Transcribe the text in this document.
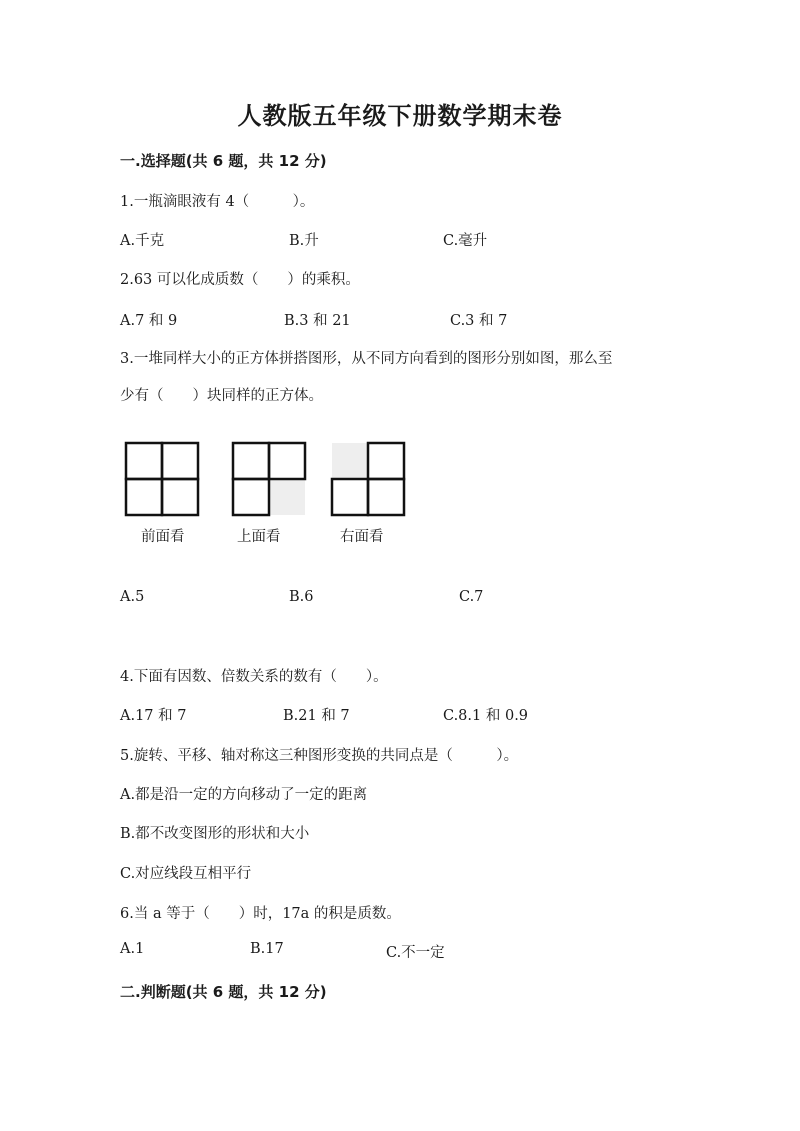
人教版五年级下册数学期末卷
一.选择题(共 6 题，共 12 分)
1.一瓶滴眼液有 4（　　　）。
A.千克	B.升	C.毫升
2.63 可以化成质数（　　）的乘积。
A.7 和 9	B.3 和 21	C.3 和 7
3.一堆同样大小的正方体拼搭图形，从不同方向看到的图形分别如图，那么至
少有（　　）块同样的正方体。
前面看	上面看	右面看
A.5	B.6	C.7
4.下面有因数、倍数关系的数有（　　）。
A.17 和 7	B.21 和 7	C.8.1 和 0.9
5.旋转、平移、轴对称这三种图形变换的共同点是（　　　）。
A.都是沿一定的方向移动了一定的距离
B.都不改变图形的形状和大小
C.对应线段互相平行
6.当 a 等于（　　）时，17a 的积是质数。
A.1	B.17	C.不一定
二.判断题(共 6 题，共 12 分)
